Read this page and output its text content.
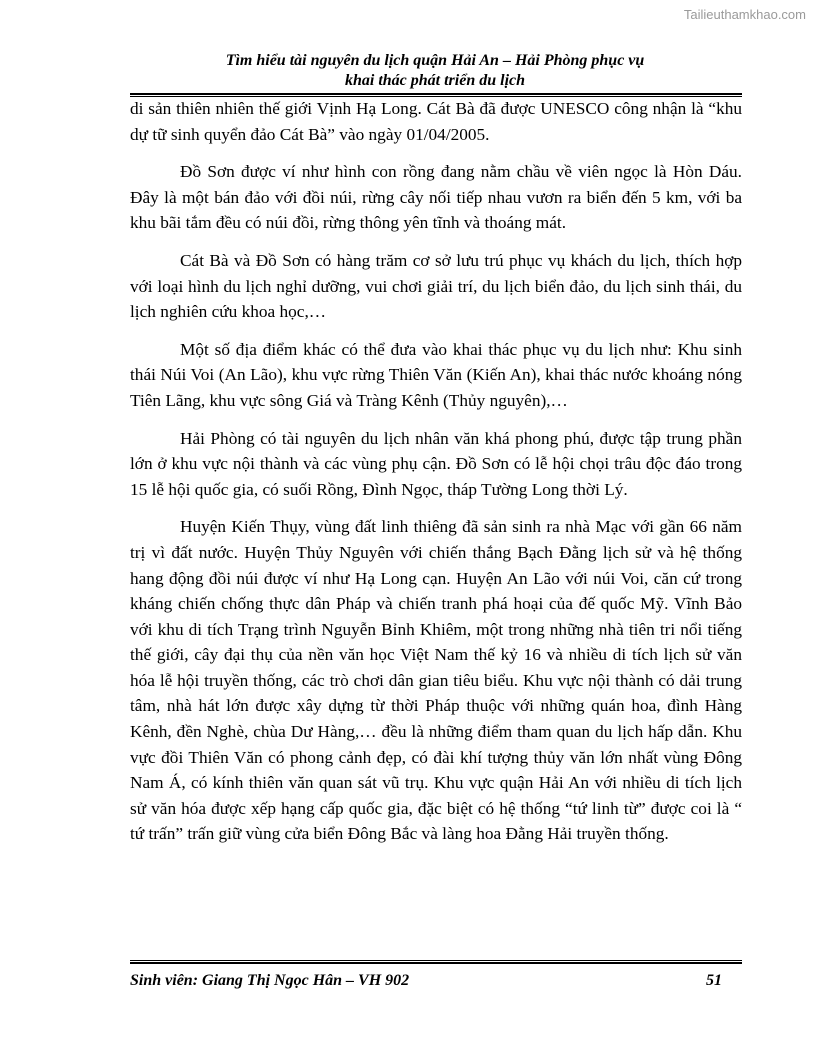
Tailieuthamkhao.com
Tìm hiểu tài nguyên du lịch quận Hải An – Hải Phòng phục vụ
khai thác phát triển du lịch

di sản thiên nhiên thế giới Vịnh Hạ Long. Cát Bà đã được UNESCO công nhận là “khu dự tữ sinh quyển đảo Cát Bà” vào ngày 01/04/2005.

Đồ Sơn được ví như hình con rồng đang nằm chầu về viên ngọc là Hòn Dáu. Đây là một bán đảo với đồi núi, rừng cây nối tiếp nhau vươn ra biển đến 5 km, với ba khu bãi tắm đều có núi đồi, rừng thông yên tĩnh và thoáng mát.

Cát Bà và Đồ Sơn có hàng trăm cơ sở lưu trú phục vụ khách du lịch, thích hợp với loại hình du lịch nghỉ dưỡng, vui chơi giải trí, du lịch biển đảo, du lịch sinh thái, du lịch nghiên cứu khoa học,…

Một số địa điểm khác có thể đưa vào khai thác phục vụ du lịch như: Khu sinh thái Núi Voi (An Lão), khu vực rừng Thiên Văn (Kiến An), khai thác nước khoáng nóng Tiên Lãng, khu vực sông Giá và Tràng Kênh (Thủy nguyên),…

Hải Phòng có tài nguyên du lịch nhân văn khá phong phú, được tập trung phần lớn ở khu vực nội thành và các vùng phụ cận. Đồ Sơn có lễ hội chọi trâu độc đáo trong 15 lễ hội quốc gia, có suối Rồng, Đình Ngọc, tháp Tường Long thời Lý.

Huyện Kiến Thụy, vùng đất linh thiêng đã sản sinh ra nhà Mạc với gần 66 năm trị vì đất nước. Huyện Thủy Nguyên với chiến thắng Bạch Đằng lịch sử và hệ thống hang động đồi núi được ví như Hạ Long cạn. Huyện An Lão với núi Voi, căn cứ trong kháng chiến chống thực dân Pháp và chiến tranh phá hoại của đế quốc Mỹ. Vĩnh Bảo với khu di tích Trạng trình Nguyễn Bỉnh Khiêm, một trong những nhà tiên tri nổi tiếng thế giới, cây đại thụ của nền văn học Việt Nam thế kỷ 16 và nhiều di tích lịch sử văn hóa lễ hội truyền thống, các trò chơi dân gian tiêu biểu. Khu vực nội thành có dải trung tâm, nhà hát lớn được xây dựng từ thời Pháp thuộc với những quán hoa, đình Hàng Kênh, đền Nghè, chùa Dư Hàng,… đều là những điểm tham quan du lịch hấp dẫn. Khu vực đồi Thiên Văn có phong cảnh đẹp, có đài khí tượng thủy văn lớn nhất vùng Đông Nam Á, có kính thiên văn quan sát vũ trụ. Khu vực quận Hải An với nhiều di tích lịch sử văn hóa được xếp hạng cấp quốc gia, đặc biệt có hệ thống “tứ linh từ” được coi là “ tứ trấn” trấn giữ vùng cửa biển Đông Bắc và làng hoa Đằng Hải truyền thống.

Sinh viên: Giang Thị Ngọc Hân – VH 902	51
